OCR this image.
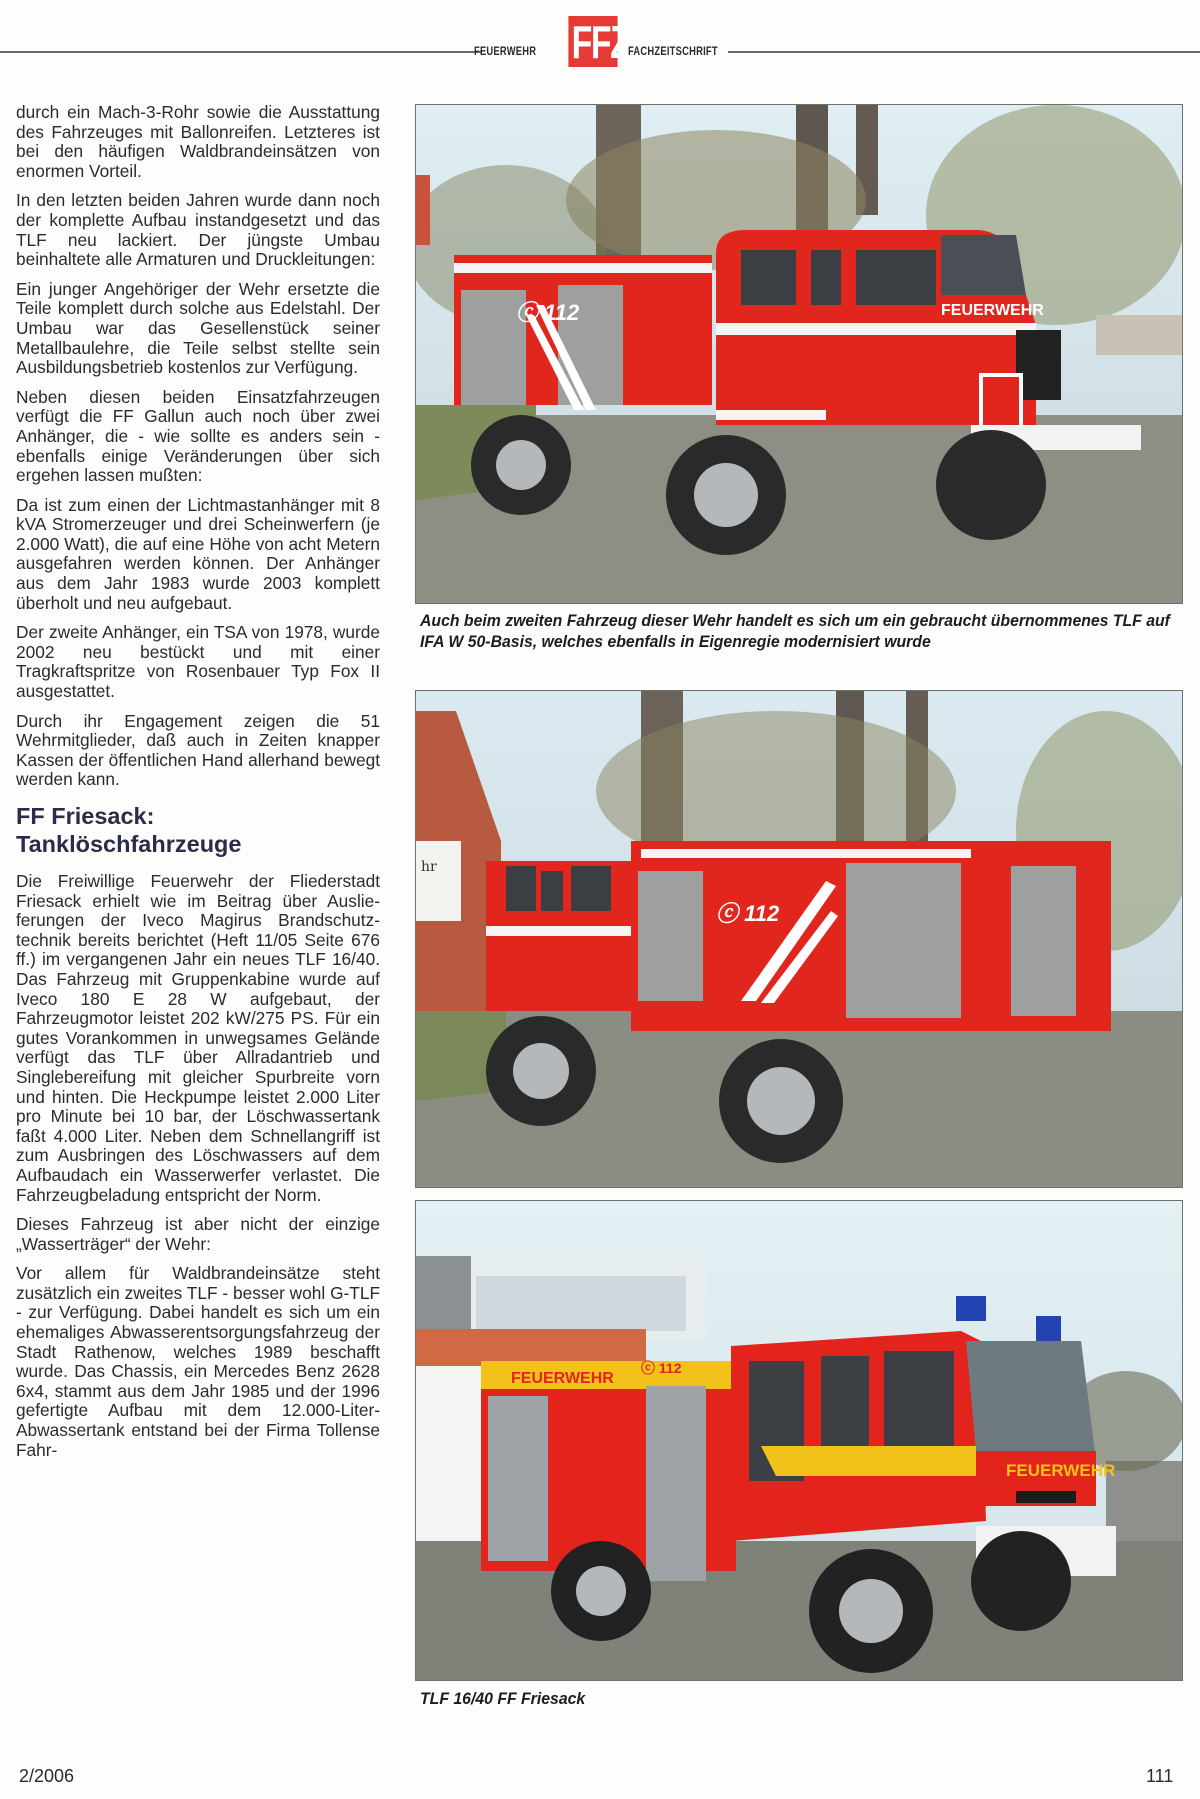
FEUERWEHR FFZ
FACHZEITSCHRIFT

durch ein Mach-3-Rohr sowie die Ausstattung des Fahrzeuges mit Ballonreifen. Letzteres ist bei den häufigen Waldbrandeinsätzen von enormen Vorteil.

In den letzten beiden Jahren wurde dann noch der komplette Aufbau instandgesetzt und das TLF neu lackiert. Der jüngste Umbau beinhaltete alle Armaturen und Druckleitungen:

Ein junger Angehöriger der Wehr ersetzte die Teile komplett durch solche aus Edelstahl. Der Umbau war das Gesellenstück seiner Metallbaulehre, die Teile selbst stellte sein Ausbildungsbetrieb kostenlos zur Verfügung.

Neben diesen beiden Einsatzfahrzeugen verfügt die FF Gallun auch noch über zwei Anhänger, die - wie sollte es anders sein - ebenfalls einige Veränderungen über sich ergehen lassen mußten:

Da ist zum einen der Lichtmastanhänger mit 8 kVA Stromerzeuger und drei Scheinwerfern (je 2.000 Watt), die auf eine Höhe von acht Metern ausgefahren werden können. Der Anhänger aus dem Jahr 1983 wurde 2003 komplett überholt und neu aufgebaut.

Der zweite Anhänger, ein TSA von 1978, wurde 2002 neu bestückt und mit einer Tragkraftspritze von Rosenbauer Typ Fox II ausgestattet.

Durch ihr Engagement zeigen die 51 Wehrmitglieder, daß auch in Zeiten knapper Kassen der öffentlichen Hand allerhand bewegt werden kann.

FF Friesack:
Tanklöschfahrzeuge

Die Freiwillige Feuerwehr der Fliederstadt Friesack erhielt wie im Beitrag über Auslieferungen der Iveco Magirus Brandschutztechnik bereits berichtet (Heft 11/05 Seite 676 ff.) im vergangenen Jahr ein neues TLF 16/40. Das Fahrzeug mit Gruppenkabine wurde auf Iveco 180 E 28 W aufgebaut, der Fahrzeugmotor leistet 202 kW/275 PS. Für ein gutes Vorankommen in unwegsames Gelände verfügt das TLF über Allradantrieb und Singlebereifung mit gleicher Spurbreite vorn und hinten. Die Heckpumpe leistet 2.000 Liter pro Minute bei 10 bar, der Löschwassertank faßt 4.000 Liter. Neben dem Schnellangriff ist zum Ausbringen des Löschwassers auf dem Aufbaudach ein Wasserwerfer verlastet. Die Fahrzeugbeladung entspricht der Norm.

Dieses Fahrzeug ist aber nicht der einzige „Wasserträger“ der Wehr:

Vor allem für Waldbrandeinsätze steht zusätzlich ein zweites TLF - besser wohl G-TLF - zur Verfügung. Dabei handelt es sich um ein ehemaliges Abwasserentsorgungsfahrzeug der Stadt Rathenow, welches 1989 beschafft wurde. Das Chassis, ein Mercedes Benz 2628 6x4, stammt aus dem Jahr 1985 und der 1996 gefertigte Aufbau mit dem 12.000-Liter-Abwassertank entstand bei der Firma Tollense Fahr-

ⓒ 112	FEUERWEHR
Auch beim zweiten Fahrzeug dieser Wehr handelt es sich um ein gebraucht übernommenes TLF auf IFA W 50-Basis, welches ebenfalls in Eigenregie modernisiert wurde
hr
ⓒ 112
FEUERWEHR
ⓒ 112
FEUERWEHR
TLF 16/40 FF Friesack
2/2006	111
